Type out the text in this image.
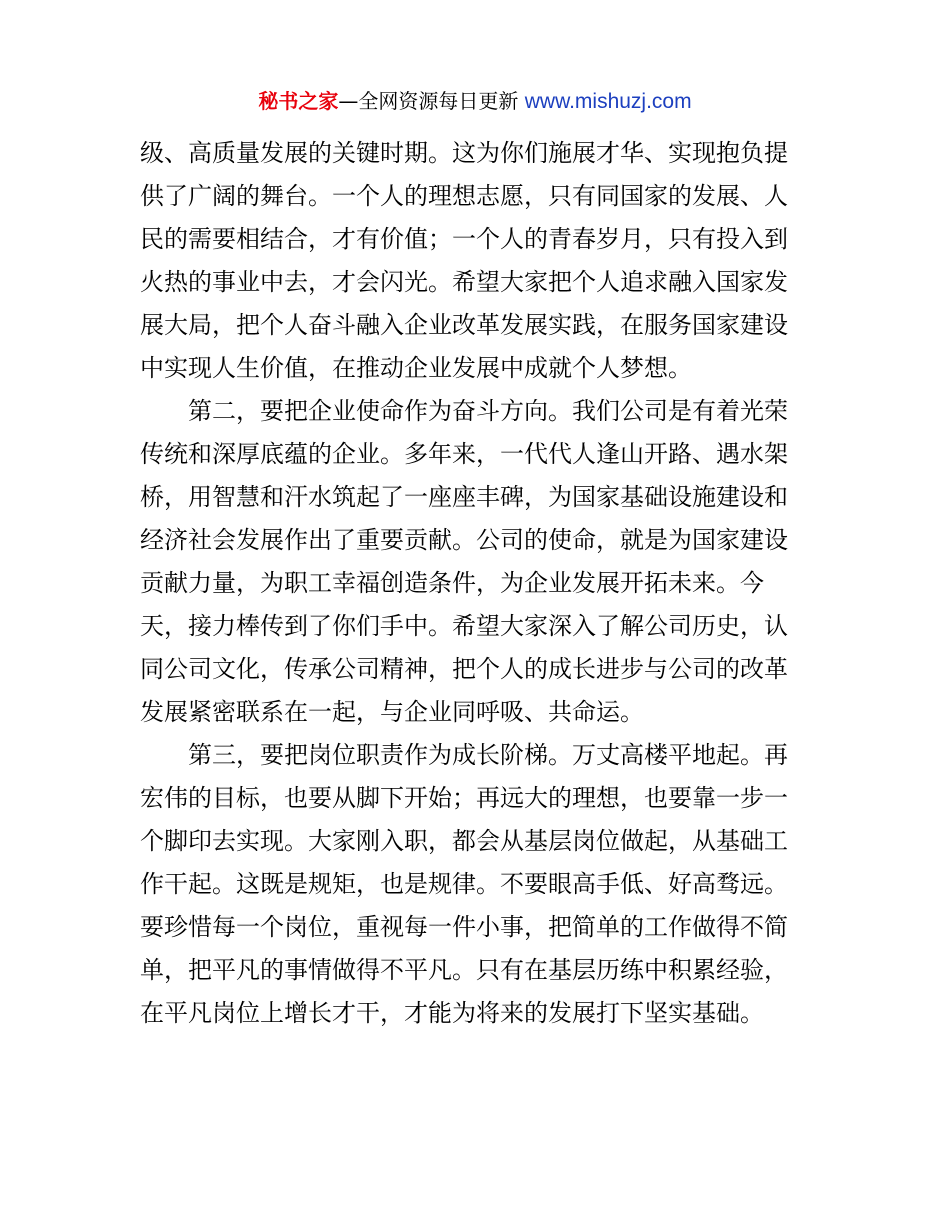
秘书之家—全网资源每日更新 www.mishuzj.com
级、高质量发展的关键时期。这为你们施展才华、实现抱负提
供了广阔的舞台。一个人的理想志愿，只有同国家的发展、人
民的需要相结合，才有价值；一个人的青春岁月，只有投入到
火热的事业中去，才会闪光。希望大家把个人追求融入国家发
展大局，把个人奋斗融入企业改革发展实践，在服务国家建设
中实现人生价值，在推动企业发展中成就个人梦想。
　　第二，要把企业使命作为奋斗方向。我们公司是有着光荣
传统和深厚底蕴的企业。多年来，一代代人逢山开路、遇水架
桥，用智慧和汗水筑起了一座座丰碑，为国家基础设施建设和
经济社会发展作出了重要贡献。公司的使命，就是为国家建设
贡献力量，为职工幸福创造条件，为企业发展开拓未来。今
天，接力棒传到了你们手中。希望大家深入了解公司历史，认
同公司文化，传承公司精神，把个人的成长进步与公司的改革
发展紧密联系在一起，与企业同呼吸、共命运。
　　第三，要把岗位职责作为成长阶梯。万丈高楼平地起。再
宏伟的目标，也要从脚下开始；再远大的理想，也要靠一步一
个脚印去实现。大家刚入职，都会从基层岗位做起，从基础工
作干起。这既是规矩，也是规律。不要眼高手低、好高骛远。
要珍惜每一个岗位，重视每一件小事，把简单的工作做得不简
单，把平凡的事情做得不平凡。只有在基层历练中积累经验，
在平凡岗位上增长才干，才能为将来的发展打下坚实基础。
